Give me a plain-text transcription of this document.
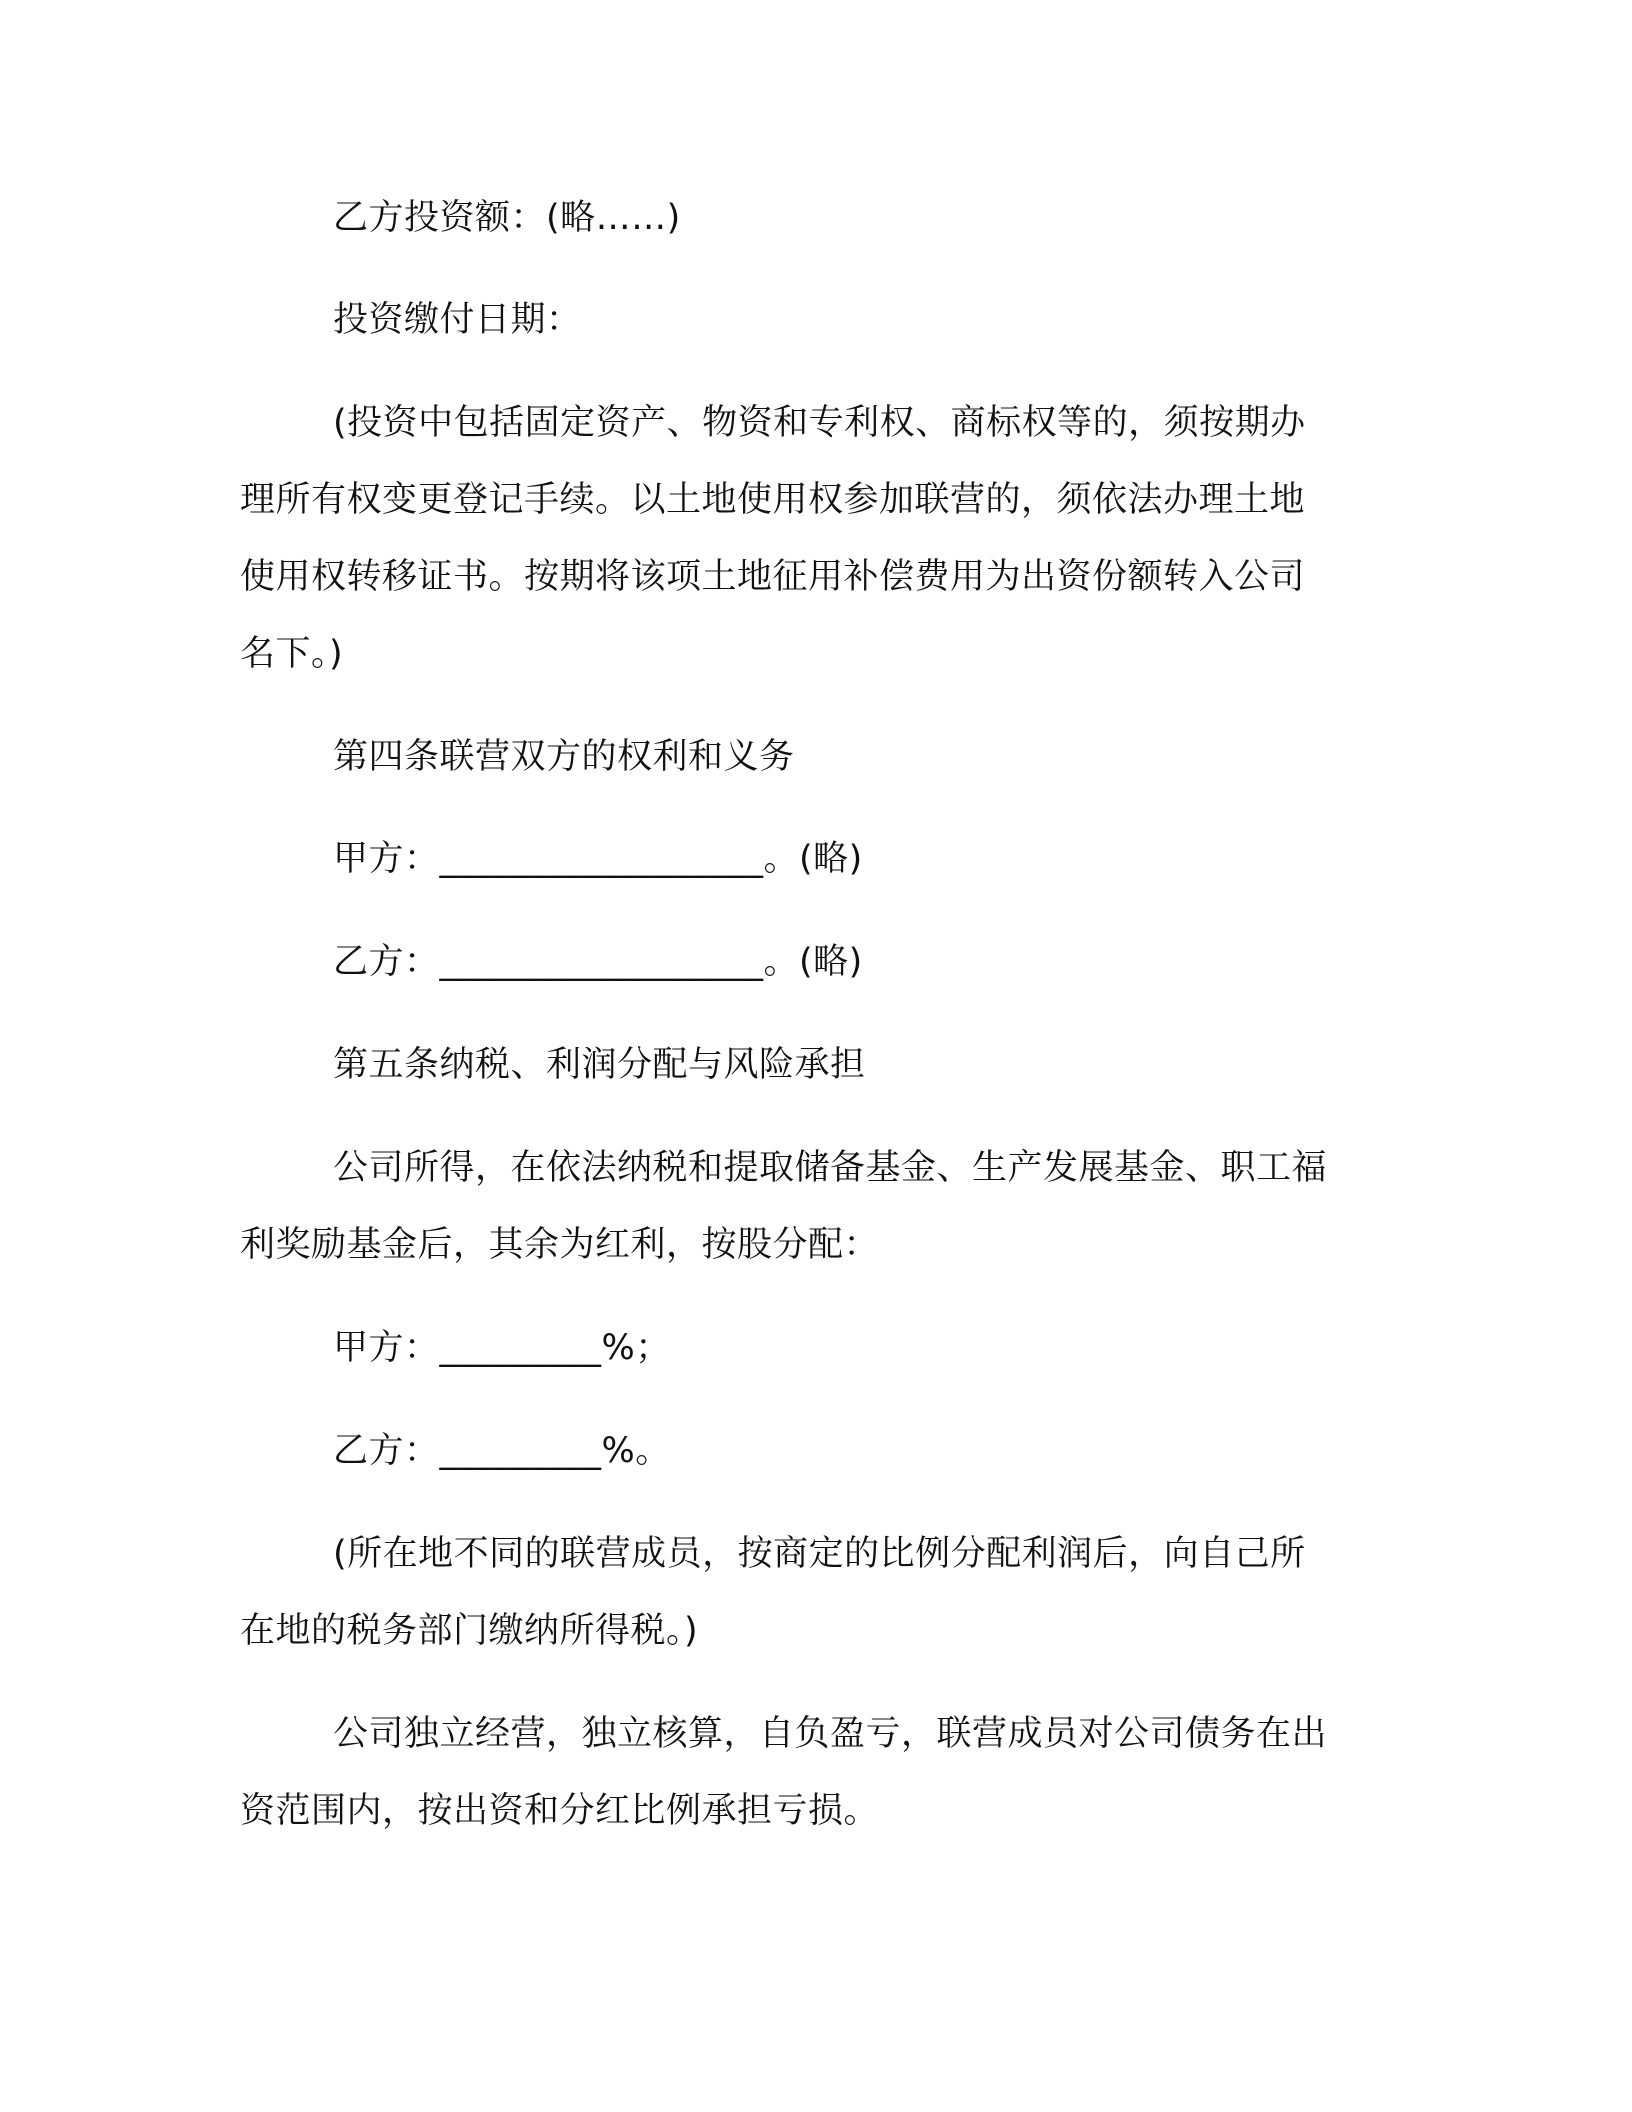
乙方投资额：(略……)
投资缴付日期：
(投资中包括固定资产、物资和专利权、商标权等的，须按期办
理所有权变更登记手续。以土地使用权参加联营的，须依法办理土地
使用权转移证书。按期将该项土地征用补偿费用为出资份额转入公司
名下。)
第四条联营双方的权利和义务
甲方：__________________。(略)
乙方：__________________。(略)
第五条纳税、利润分配与风险承担
公司所得，在依法纳税和提取储备基金、生产发展基金、职工福
利奖励基金后，其余为红利，按股分配：
甲方：_________%；
乙方：_________%。
(所在地不同的联营成员，按商定的比例分配利润后，向自己所
在地的税务部门缴纳所得税。)
公司独立经营，独立核算，自负盈亏，联营成员对公司债务在出
资范围内，按出资和分红比例承担亏损。
